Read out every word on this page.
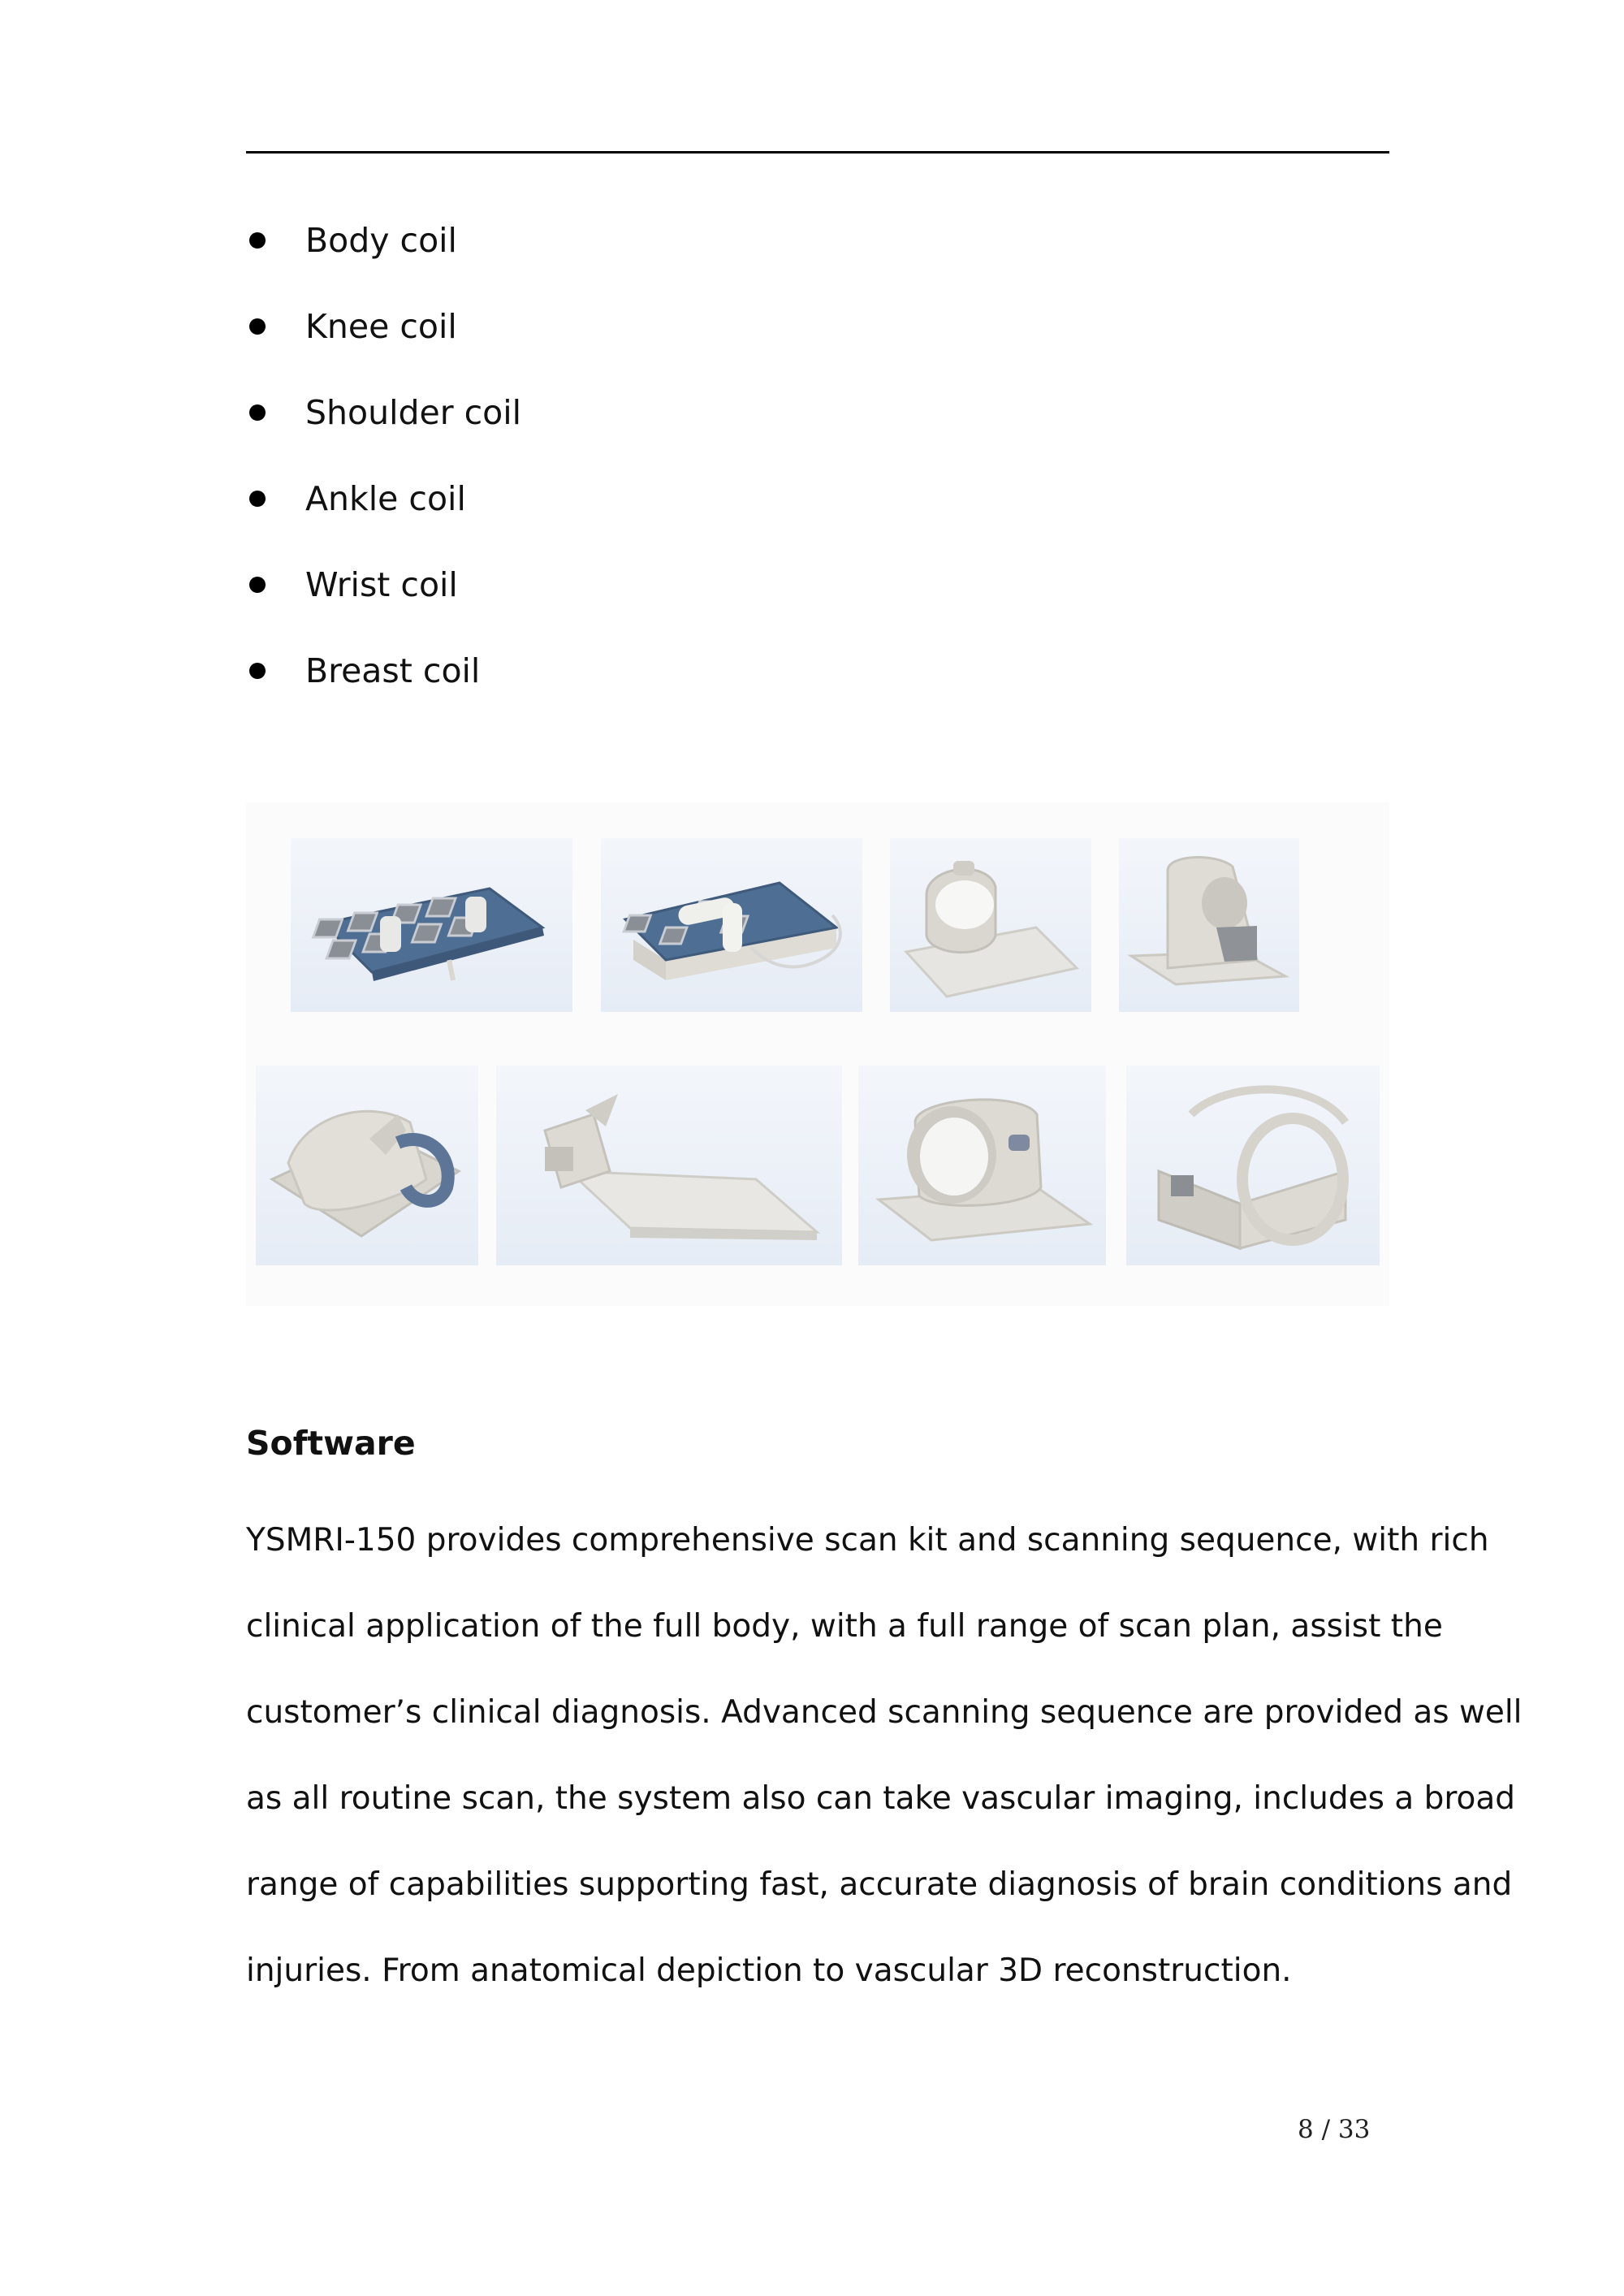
Body coil
Knee coil
Shoulder coil
Ankle coil
Wrist coil
Breast coil
Software

YSMRI-150 provides comprehensive scan kit and scanning sequence, with rich
clinical application of the full body, with a full range of scan plan, assist the
customer’s clinical diagnosis. Advanced scanning sequence are provided as well
as all routine scan, the system also can take vascular imaging, includes a broad
range of capabilities supporting fast, accurate diagnosis of brain conditions and
injuries. From anatomical depiction to vascular 3D reconstruction.

8 / 33
